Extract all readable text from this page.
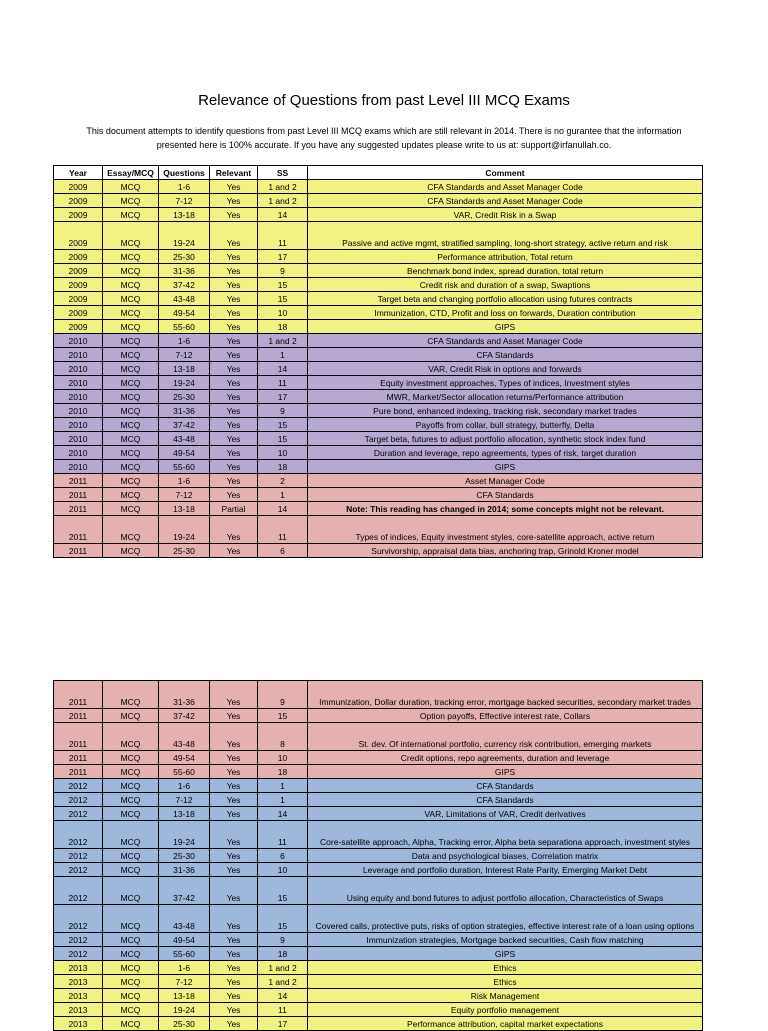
Relevance of Questions from past Level III MCQ Exams
This document attempts to identify questions from past Level III MCQ exams which are still relevant in 2014. There is no gurantee that the information presented here is 100% accurate. If you have any suggested updates please write to us at: support@irfanullah.co.
Year	Essay/MCQ	Questions	Relevant	SS	Comment
2009	MCQ	1-6	Yes	1 and 2	CFA Standards and Asset Manager Code
2009	MCQ	7-12	Yes	1 and 2	CFA Standards and Asset Manager Code
2009	MCQ	13-18	Yes	14	VAR, Credit Risk in a Swap
2009	MCQ	19-24	Yes	11	Passive and active mgmt, stratified sampling, long-short strategy, active return and risk
2009	MCQ	25-30	Yes	17	Performance attribution, Total return
2009	MCQ	31-36	Yes	9	Benchmark bond index, spread duration, total return
2009	MCQ	37-42	Yes	15	Credit risk and duration of a swap, Swaptions
2009	MCQ	43-48	Yes	15	Target beta and changing portfolio allocation using futures contracts
2009	MCQ	49-54	Yes	10	Immunization, CTD, Profit and loss on forwards, Duration contribution
2009	MCQ	55-60	Yes	18	GIPS
2010	MCQ	1-6	Yes	1 and 2	CFA Standards and Asset Manager Code
2010	MCQ	7-12	Yes	1	CFA Standards
2010	MCQ	13-18	Yes	14	VAR, Credit Risk in options and forwards
2010	MCQ	19-24	Yes	11	Equity investment approaches, Types of indices, Investment styles
2010	MCQ	25-30	Yes	17	MWR, Market/Sector allocation returns/Performance attribution
2010	MCQ	31-36	Yes	9	Pure bond, enhanced indexing, tracking risk, secondary market trades
2010	MCQ	37-42	Yes	15	Payoffs from collar, bull strategy, butterfly, Delta
2010	MCQ	43-48	Yes	15	Target beta, futures to adjust portfolio allocation, synthetic stock index fund
2010	MCQ	49-54	Yes	10	Duration and leverage, repo agreements, types of risk, target duration
2010	MCQ	55-60	Yes	18	GIPS
2011	MCQ	1-6	Yes	2	Asset Manager Code
2011	MCQ	7-12	Yes	1	CFA Standards
2011	MCQ	13-18	Partial	14	Note: This reading has changed in 2014; some concepts might not be relevant.
2011	MCQ	19-24	Yes	11	Types of indices, Equity investment styles, core-satellite approach, active return
2011	MCQ	25-30	Yes	6	Survivorship, appraisal data bias, anchoring trap, Grinold Kroner model
2011	MCQ	31-36	Yes	9	Immunization, Dollar duration, tracking error, mortgage backed securities, secondary market trades
2011	MCQ	37-42	Yes	15	Option payoffs, Effective interest rate, Collars
2011	MCQ	43-48	Yes	8	St. dev. Of international portfolio, currency risk contribution, emerging markets
2011	MCQ	49-54	Yes	10	Credit options, repo agreements, duration and leverage
2011	MCQ	55-60	Yes	18	GIPS
2012	MCQ	1-6	Yes	1	CFA Standards
2012	MCQ	7-12	Yes	1	CFA Standards
2012	MCQ	13-18	Yes	14	VAR, Limitations of VAR, Credit derivatives
2012	MCQ	19-24	Yes	11	Core-satellite approach, Alpha, Tracking error, Alpha beta separationa approach, investment styles
2012	MCQ	25-30	Yes	6	Data and psychological biases, Correlation matrix
2012	MCQ	31-36	Yes	10	Leverage and portfolio duration, Interest Rate Parity, Emerging Market Debt
2012	MCQ	37-42	Yes	15	Using equity and bond futures to adjust portfolio allocation, Characteristics of Swaps
2012	MCQ	43-48	Yes	15	Covered calls, protective puts, risks of option strategies, effective interest rate of a loan using options
2012	MCQ	49-54	Yes	9	Immunization strategies, Mortgage backed securities, Cash flow matching
2012	MCQ	55-60	Yes	18	GIPS
2013	MCQ	1-6	Yes	1 and 2	Ethics
2013	MCQ	7-12	Yes	1 and 2	Ethics
2013	MCQ	13-18	Yes	14	Risk Management
2013	MCQ	19-24	Yes	11	Equity portfolio management
2013	MCQ	25-30	Yes	17	Performance attribution, capital market expectations
